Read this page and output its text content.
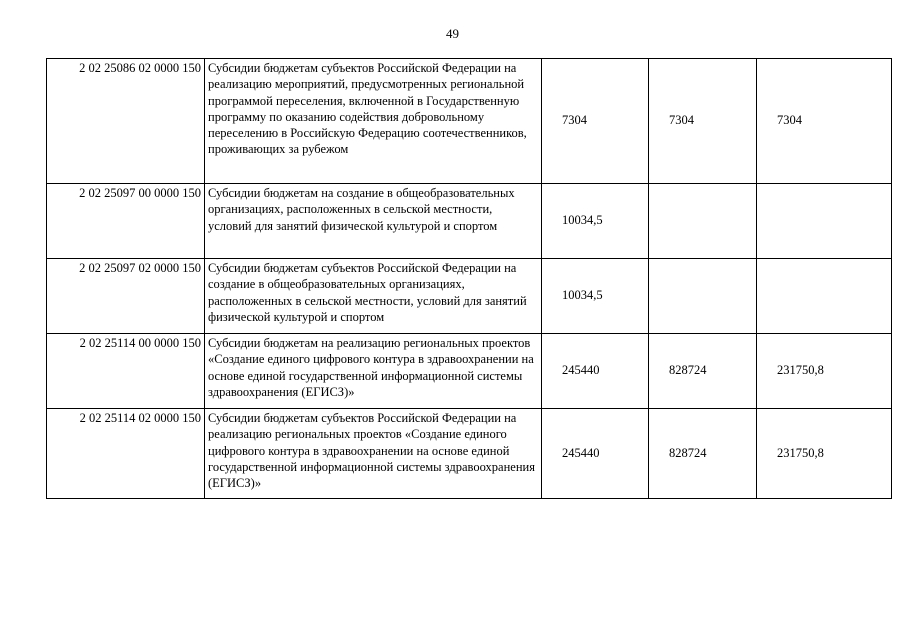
49
2 02 25086 02 0000 150	Субсидии бюджетам субъектов Российской Федерации на реализацию мероприятий, предусмотренных региональной программой переселения, включенной в Государственную программу по оказанию содействия добровольному переселению в Российскую Федерацию соотечественников, проживающих за рубежом	7304	7304	7304
2 02 25097 00 0000 150	Субсидии бюджетам на создание в общеобразовательных организациях, расположенных в сельской местности, условий для занятий физической культурой и спортом	10034,5		
2 02 25097 02 0000 150	Субсидии бюджетам субъектов Российской Федерации на создание в общеобразовательных организациях, расположенных в сельской местности, условий для занятий физической культурой и спортом	10034,5		
2 02 25114 00 0000 150	Субсидии бюджетам на реализацию региональных проектов «Создание единого цифрового контура в здравоохранении на основе единой государственной информационной системы здравоохранения (ЕГИСЗ)»	245440	828724	231750,8
2 02 25114 02 0000 150	Субсидии бюджетам субъектов Российской Федерации на реализацию региональных проектов «Создание единого цифрового контура в здравоохранении на основе единой государственной информационной системы здравоохранения (ЕГИСЗ)»	245440	828724	231750,8
